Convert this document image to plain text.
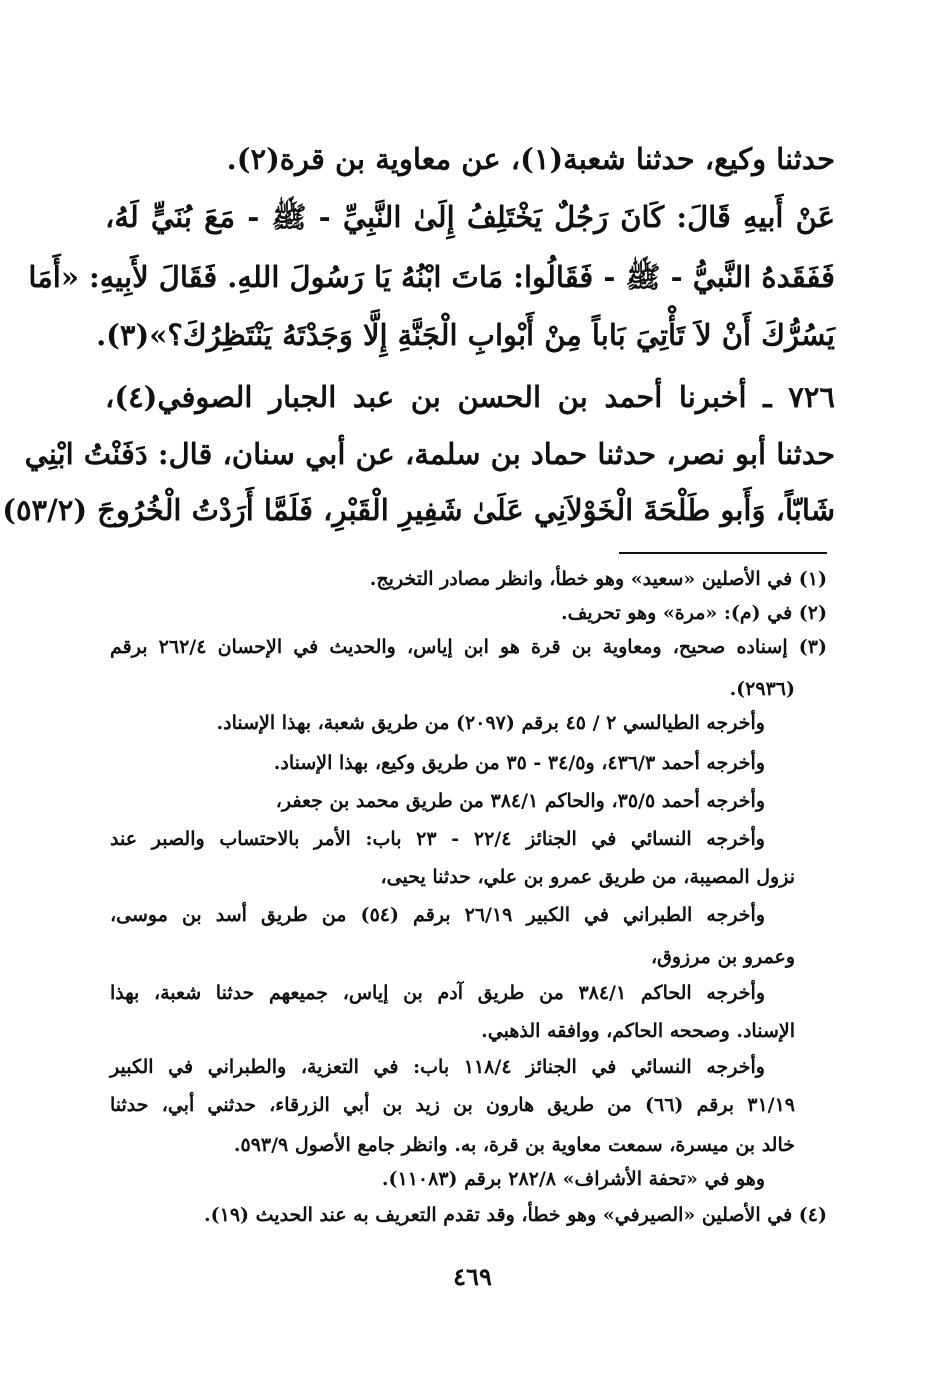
حدثنا وكيع، حدثنا شعبة(١)، عن معاوية بن قرة(٢).
عَنْ أَبيهِ قَالَ: كَانَ رَجُلٌ يَخْتَلِفُ إِلَىٰ النَّبِيِّ - ﷺ - مَعَ بُنَيٍّ لَهُ،
فَفَقَدهُ النَّبيُّ - ﷺ - فَقَالُوا: مَاتَ ابْنُهُ يَا رَسُولَ اللهِ. فَقَالَ لأَبِيهِ: «أَمَا
يَسُرُّكَ أَنْ لاَ تَأْتِيَ بَاباً مِنْ أَبْوابِ الْجَنَّةِ إِلَّا وَجَدْتَهُ يَنْتَظِرُكَ؟»(٣).
٧٢٦ ـ أخبرنا أحمد بن الحسن بن عبد الجبار الصوفي(٤)،
حدثنا أبو نصر، حدثنا حماد بن سلمة، عن أبي سنان، قال: دَفَنْتُ ابْنِي
شَابّاً، وَأَبو طَلْحَةَ الْخَوْلاَنِي عَلَىٰ شَفِيرِ الْقَبْرِ، فَلَمَّا أَرَدْتُ الْخُرُوجَ (٥٣/٢)
(١) في الأصلين «سعيد» وهو خطأ، وانظر مصادر التخريج.
(٢) في (م): «مرة» وهو تحريف.
(٣) إسناده صحيح، ومعاوية بن قرة هو ابن إياس، والحديث في الإحسان ٢٦٢/٤ برقم
(٢٩٣٦).
وأخرجه الطيالسي ٢ / ٤٥ برقم (٢٠٩٧) من طريق شعبة، بهذا الإسناد.
وأخرجه أحمد ٤٣٦/٣، و٣٤/٥ - ٣٥ من طريق وكيع، بهذا الإسناد.
وأخرجه أحمد ٣٥/٥، والحاكم ٣٨٤/١ من طريق محمد بن جعفر،
وأخرجه النسائي في الجنائز ٢٢/٤ - ٢٣ باب: الأمر بالاحتساب والصبر عند
نزول المصيبة، من طريق عمرو بن علي، حدثنا يحيى،
وأخرجه الطبراني في الكبير ٢٦/١٩ برقم (٥٤) من طريق أسد بن موسى،
وعمرو بن مرزوق،
وأخرجه الحاكم ٣٨٤/١ من طريق آدم بن إياس، جميعهم حدثنا شعبة، بهذا
الإسناد. وصححه الحاكم، ووافقه الذهبي.
وأخرجه النسائي في الجنائز ١١٨/٤ باب: في التعزية، والطبراني في الكبير
٣١/١٩ برقم (٦٦) من طريق هارون بن زيد بن أبي الزرقاء، حدثني أبي، حدثنا
خالد بن ميسرة، سمعت معاوية بن قرة، به. وانظر جامع الأصول ٥٩٣/٩.
وهو في «تحفة الأشراف» ٢٨٢/٨ برقم (١١٠٨٣).
(٤) في الأصلين «الصيرفي» وهو خطأ، وقد تقدم التعريف به عند الحديث (١٩).
٤٦٩
